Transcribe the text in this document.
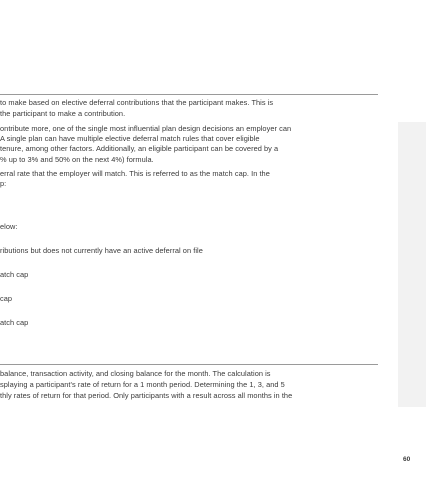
to make based on elective deferral contributions that the participant makes. This is
the participant to make a contribution.
ontribute more, one of the single most influential plan design decisions an employer can
A single plan can have multiple elective deferral match rules that cover eligible
tenure, among other factors. Additionally, an eligible participant can be covered by a
% up to 3% and 50% on the next 4%) formula.
erral rate that the employer will match. This is referred to as the match cap. In the
p:
elow:
ributions but does not currently have an active deferral on file
atch cap
cap
atch cap
balance, transaction activity, and closing balance for the month. The calculation is
splaying a participant's rate of return for a 1 month period. Determining the 1, 3, and 5
thly rates of return for that period. Only participants with a result across all months in the
60
